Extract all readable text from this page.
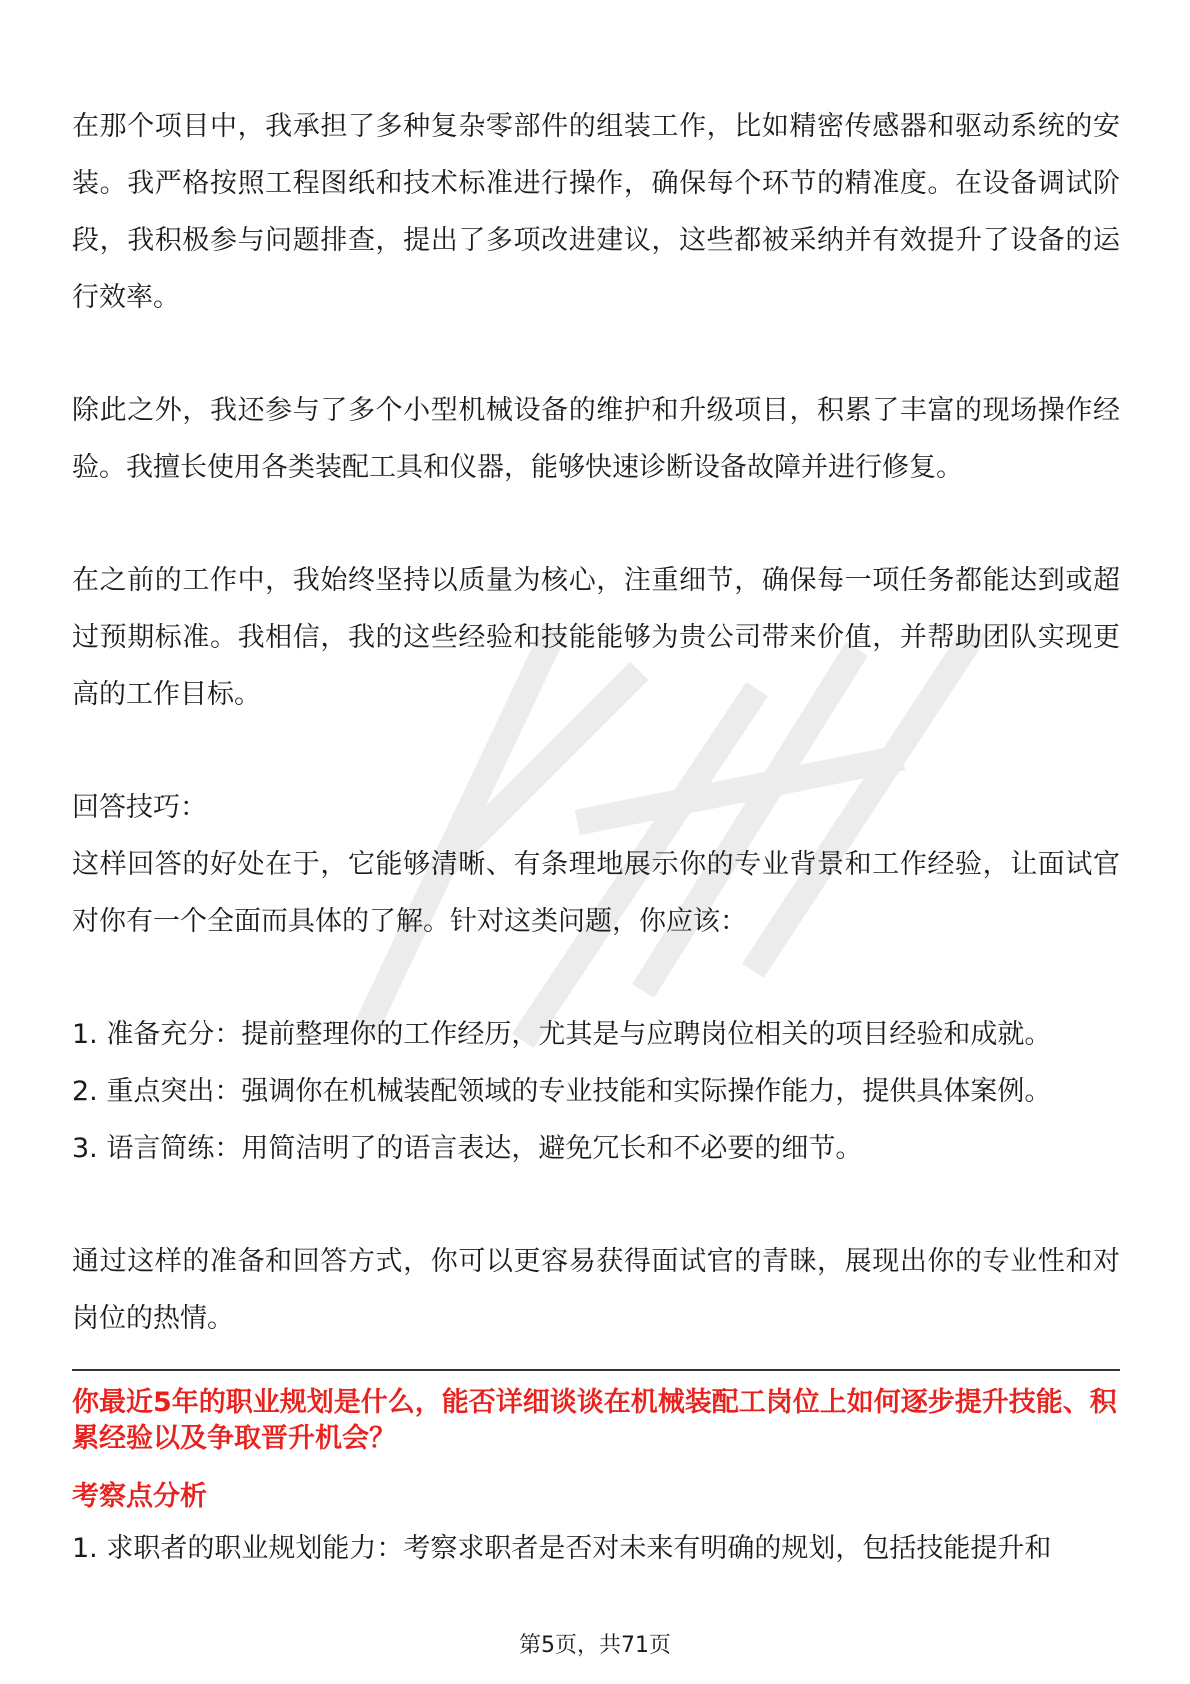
在那个项目中，我承担了多种复杂零部件的组装工作，比如精密传感器和驱动系统的安装。我严格按照工程图纸和技术标准进行操作，确保每个环节的精准度。在设备调试阶段，我积极参与问题排查，提出了多项改进建议，这些都被采纳并有效提升了设备的运行效率。

除此之外，我还参与了多个小型机械设备的维护和升级项目，积累了丰富的现场操作经验。我擅长使用各类装配工具和仪器，能够快速诊断设备故障并进行修复。

在之前的工作中，我始终坚持以质量为核心，注重细节，确保每一项任务都能达到或超过预期标准。我相信，我的这些经验和技能能够为贵公司带来价值，并帮助团队实现更高的工作目标。

回答技巧：

这样回答的好处在于，它能够清晰、有条理地展示你的专业背景和工作经验，让面试官对你有一个全面而具体的了解。针对这类问题，你应该：

1. 准备充分：提前整理你的工作经历，尤其是与应聘岗位相关的项目经验和成就。
2. 重点突出：强调你在机械装配领域的专业技能和实际操作能力，提供具体案例。
3. 语言简练：用简洁明了的语言表达，避免冗长和不必要的细节。

通过这样的准备和回答方式，你可以更容易获得面试官的青睐，展现出你的专业性和对岗位的热情。

你最近5年的职业规划是什么，能否详细谈谈在机械装配工岗位上如何逐步提升技能、积累经验以及争取晋升机会？

考察点分析

1. 求职者的职业规划能力：考察求职者是否对未来有明确的规划，包括技能提升和

第5页，共71页
